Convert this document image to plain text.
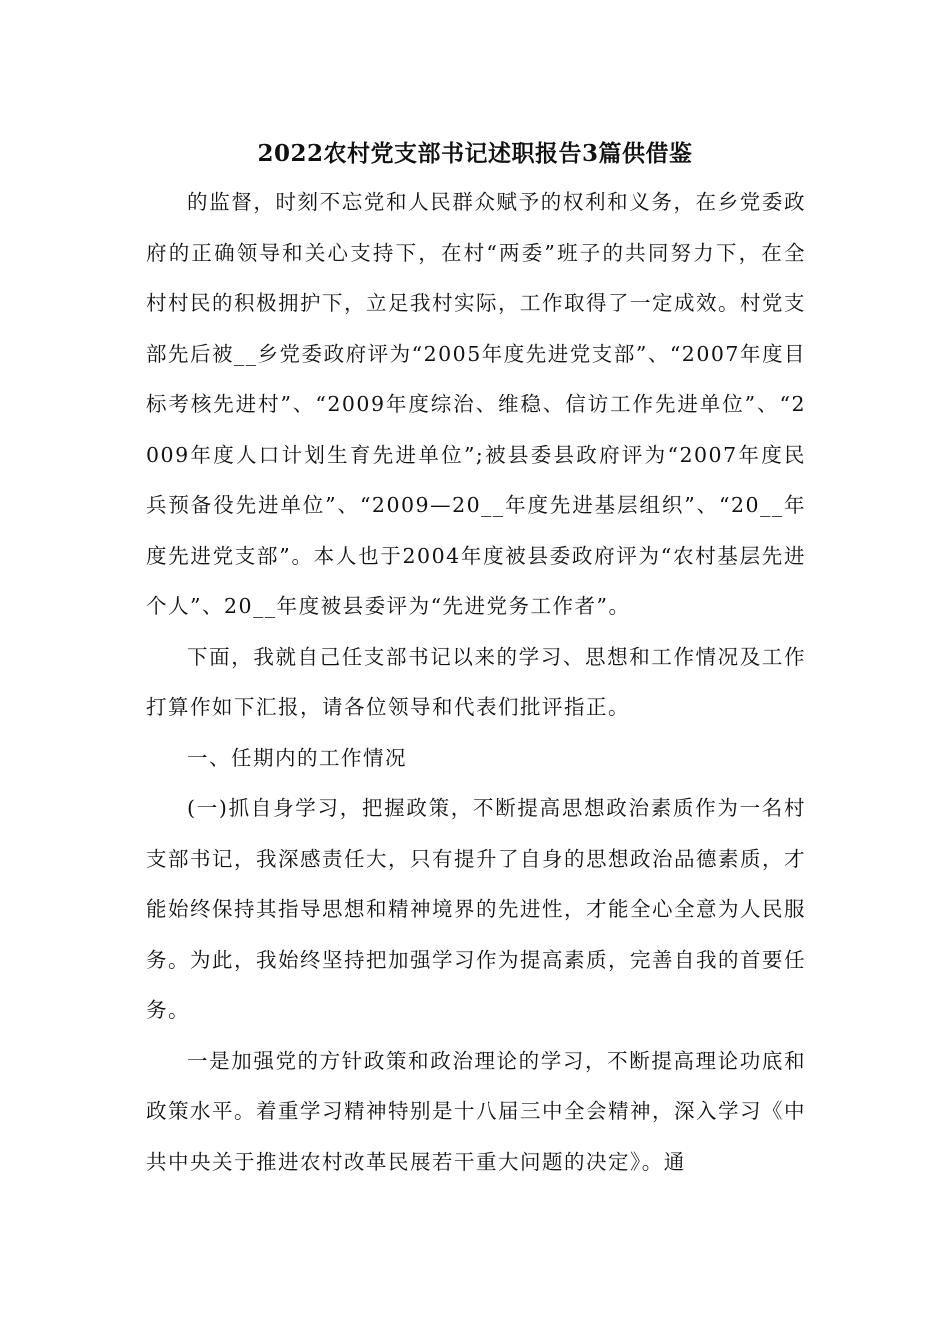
2022农村党支部书记述职报告3篇供借鉴

的监督，时刻不忘党和人民群众赋予的权利和义务，在乡党委政府的正确领导和关心支持下，在村“两委”班子的共同努力下，在全村村民的积极拥护下，立足我村实际，工作取得了一定成效。村党支部先后被__乡党委政府评为“2005年度先进党支部”、“2007年度目标考核先进村”、“2009年度综治、维稳、信访工作先进单位”、“2009年度人口计划生育先进单位”;被县委县政府评为“2007年度民兵预备役先进单位”、“2009—20__年度先进基层组织”、“20__年度先进党支部”。本人也于2004年度被县委政府评为“农村基层先进个人”、20__年度被县委评为“先进党务工作者”。

下面，我就自己任支部书记以来的学习、思想和工作情况及工作打算作如下汇报，请各位领导和代表们批评指正。

一、任期内的工作情况

(一)抓自身学习，把握政策，不断提高思想政治素质作为一名村支部书记，我深感责任大，只有提升了自身的思想政治品德素质，才能始终保持其指导思想和精神境界的先进性，才能全心全意为人民服务。为此，我始终坚持把加强学习作为提高素质，完善自我的首要任务。

一是加强党的方针政策和政治理论的学习，不断提高理论功底和政策水平。着重学习精神特别是十八届三中全会精神，深入学习《中共中央关于推进农村改革民展若干重大问题的决定》。通
